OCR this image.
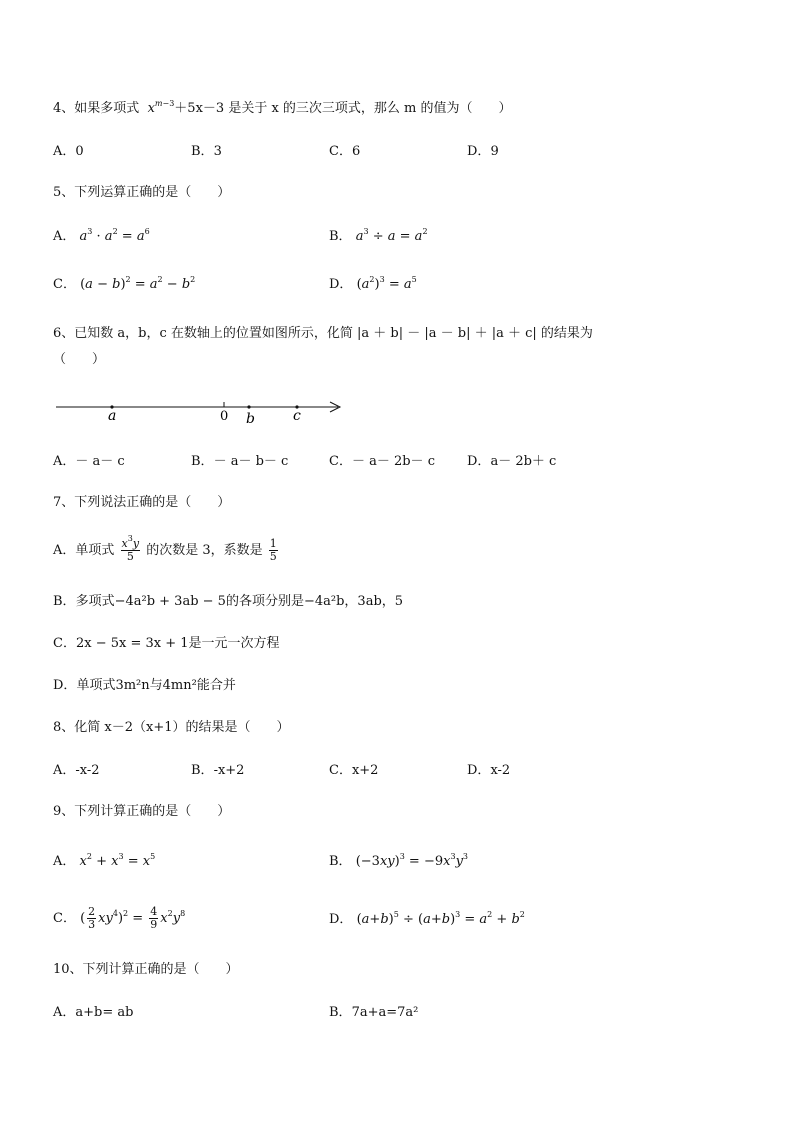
4、如果多项式 $x^{m-3}+5x-3$ 是关于 x 的三次三项式，那么 m 的值为（　　）
A．0	B．3	C．6	D．9
5、下列运算正确的是（　　）
A． $a^3 \cdot a^2 = a^6$	B． $a^3 \div a = a^2$
C． $(a - b)^2 = a^2 - b^2$	D． $(a^2)^3 = a^5$
6、已知数 a，b，c 在数轴上的位置如图所示，化简 |a ＋ b| － |a － b| ＋ |a ＋ c| 的结果为
（　　）
a	0 b	c
A．－ a－ c	B．－ a－ b－ c	C．－ a－ 2b－ c D．a－ 2b＋ c
7、下列说法正确的是（　　）
A．单项式 $\frac{x^3y}{5}$ 的次数是 3，系数是 $\frac{1}{5}$
B．多项式−4a²b + 3ab − 5的各项分别是−4a²b，3ab，5
C．2x − 5x = 3x + 1是一元一次方程
D．单项式3m²n与4mn²能合并
8、化简 x－2（x+1）的结果是（　　）
A．-x-2	B．-x+2	C．x+2	D．x-2
9、下列计算正确的是（　　）
A． $x^2 + x^3 = x^5$	B． $(-3xy)^3 = -9x^3y^3$
C． ( $\frac{2}{3} xy^4)^2 = \frac{4}{9} x^2y^8$	D． $(a+b)^5 \div (a+b)^3 = a^2 + b^2$
10、下列计算正确的是（　　）
A．a+b= ab	B．7a+a=7a²
